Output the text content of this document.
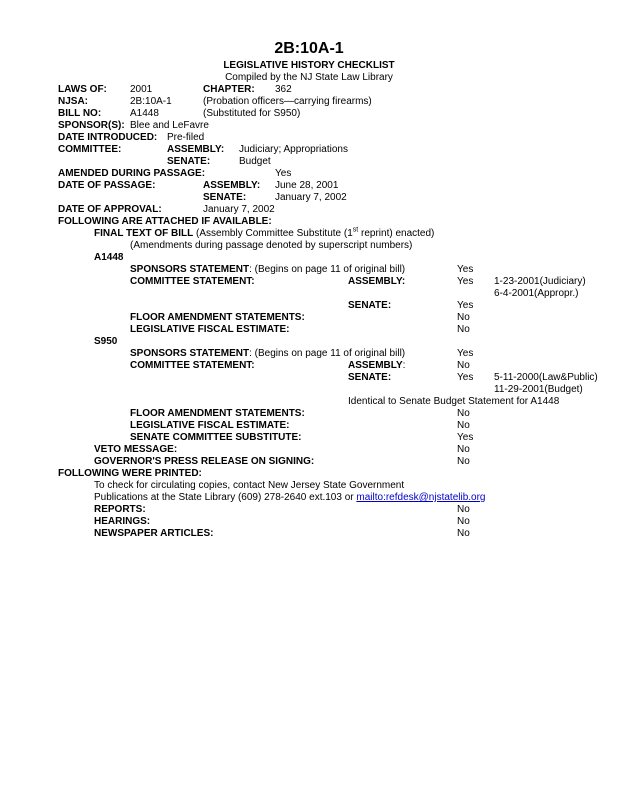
2B:10A-1
LEGISLATIVE HISTORY CHECKLIST
Compiled by the NJ State Law Library
LAWS OF: 2001	CHAPTER: 362
NJSA:	2B:10A-1	(Probation officers—carrying firearms)
BILL NO:	A1448	(Substituted for S950)
SPONSOR(S): Blee and LeFavre
DATE INTRODUCED: Pre-filed
COMMITTEE:	ASSEMBLY: Judiciary; Appropriations
SENATE:	Budget
AMENDED DURING PASSAGE:	Yes
DATE OF PASSAGE:	ASSEMBLY: June 28, 2001
SENATE:	January 7, 2002
DATE OF APPROVAL:	January 7, 2002
FOLLOWING ARE ATTACHED IF AVAILABLE:
FINAL TEXT OF BILL (Assembly Committee Substitute (1st reprint) enacted)
(Amendments during passage denoted by superscript numbers)
A1448
SPONSORS STATEMENT: (Begins on page 11 of original bill)	Yes
COMMITTEE STATEMENT:	ASSEMBLY:	Yes 1-23-2001(Judiciary)
6-4-2001(Appropr.)
SENATE:	Yes
FLOOR AMENDMENT STATEMENTS:	No
LEGISLATIVE FISCAL ESTIMATE:	No
S950
SPONSORS STATEMENT: (Begins on page 11 of original bill)	Yes
COMMITTEE STATEMENT:	ASSEMBLY:	No
SENATE:	Yes 5-11-2000(Law&Public)
11-29-2001(Budget)
Identical to Senate Budget Statement for A1448
FLOOR AMENDMENT STATEMENTS:	No
LEGISLATIVE FISCAL ESTIMATE:	No
SENATE COMMITTEE SUBSTITUTE:	Yes
VETO MESSAGE:	No
GOVERNOR'S PRESS RELEASE ON SIGNING:	No
FOLLOWING WERE PRINTED:
To check for circulating copies, contact New Jersey State Government
Publications at the State Library (609) 278-2640 ext.103 or mailto:refdesk@njstatelib.org
REPORTS:	No
HEARINGS:	No
NEWSPAPER ARTICLES:	No
